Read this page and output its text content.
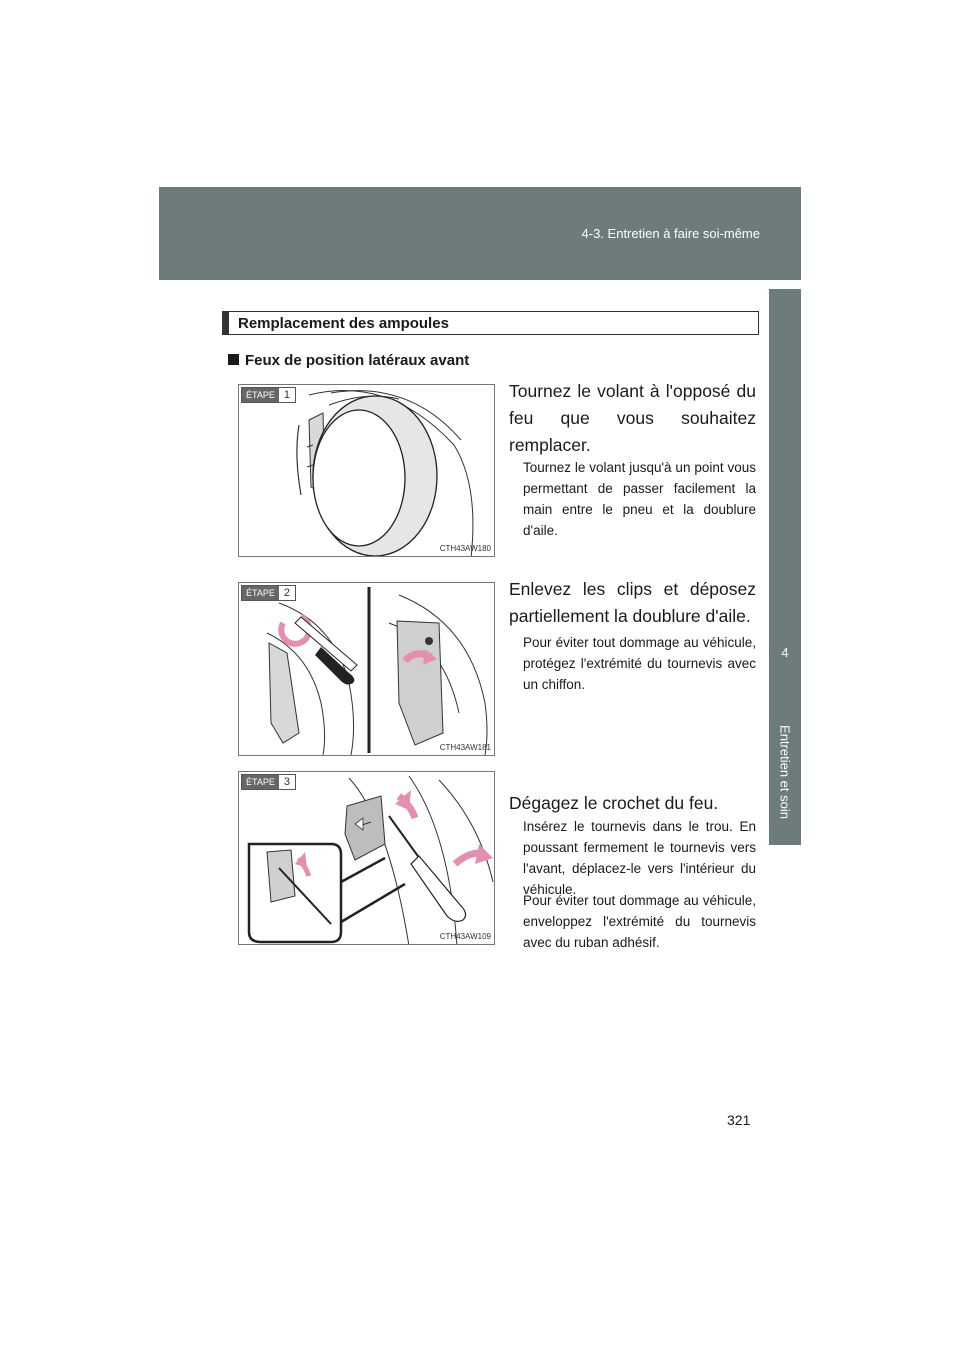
4-3. Entretien à faire soi-même
4
Entretien et soin
Remplacement des ampoules
Feux de position latéraux avant
ÉTAPE 1
CTH43AW180
Tournez le volant à l'opposé du feu que vous souhaitez remplacer.
Tournez le volant jusqu'à un point vous permettant de passer facilement la main entre le pneu et la doublure d'aile.
ÉTAPE 2
CTH43AW181
Enlevez les clips et déposez partiellement la doublure d'aile.
Pour éviter tout dommage au véhicule, protégez l'extrémité du tournevis avec un chiffon.
ÉTAPE 3
CTH43AW109
Dégagez le crochet du feu.
Insérez le tournevis dans le trou. En poussant fermement le tournevis vers l'avant, déplacez-le vers l'intérieur du véhicule.
Pour éviter tout dommage au véhicule, enveloppez l'extrémité du tournevis avec du ruban adhésif.
321
